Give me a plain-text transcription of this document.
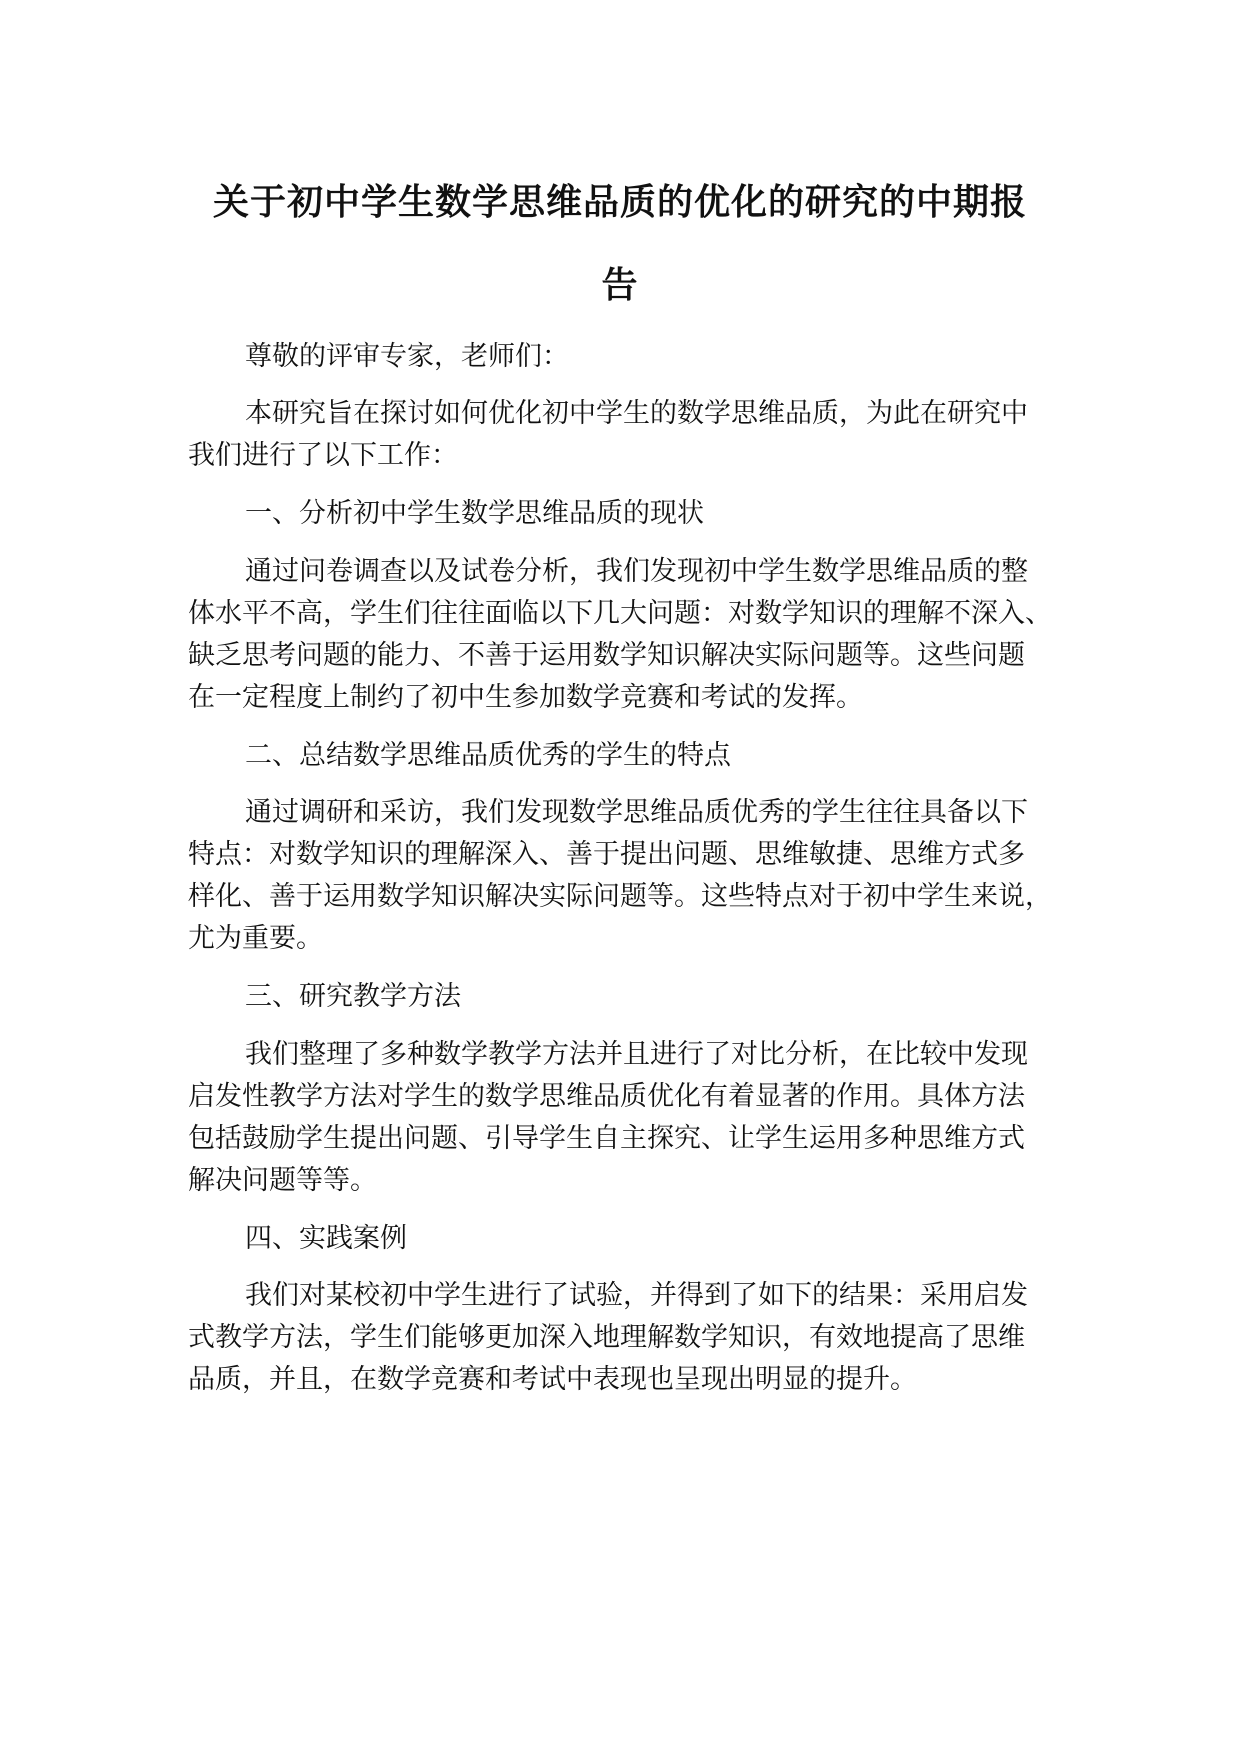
关于初中学生数学思维品质的优化的研究的中期报
告
尊敬的评审专家，老师们：
本研究旨在探讨如何优化初中学生的数学思维品质，为此在研究中
我们进行了以下工作：
一、分析初中学生数学思维品质的现状
通过问卷调查以及试卷分析，我们发现初中学生数学思维品质的整
体水平不高，学生们往往面临以下几大问题：对数学知识的理解不深入、
缺乏思考问题的能力、不善于运用数学知识解决实际问题等。这些问题
在一定程度上制约了初中生参加数学竞赛和考试的发挥。
二、总结数学思维品质优秀的学生的特点
通过调研和采访，我们发现数学思维品质优秀的学生往往具备以下
特点：对数学知识的理解深入、善于提出问题、思维敏捷、思维方式多
样化、善于运用数学知识解决实际问题等。这些特点对于初中学生来说，
尤为重要。
三、研究教学方法
我们整理了多种数学教学方法并且进行了对比分析，在比较中发现
启发性教学方法对学生的数学思维品质优化有着显著的作用。具体方法
包括鼓励学生提出问题、引导学生自主探究、让学生运用多种思维方式
解决问题等等。
四、实践案例
我们对某校初中学生进行了试验，并得到了如下的结果：采用启发
式教学方法，学生们能够更加深入地理解数学知识，有效地提高了思维
品质，并且，在数学竞赛和考试中表现也呈现出明显的提升。
